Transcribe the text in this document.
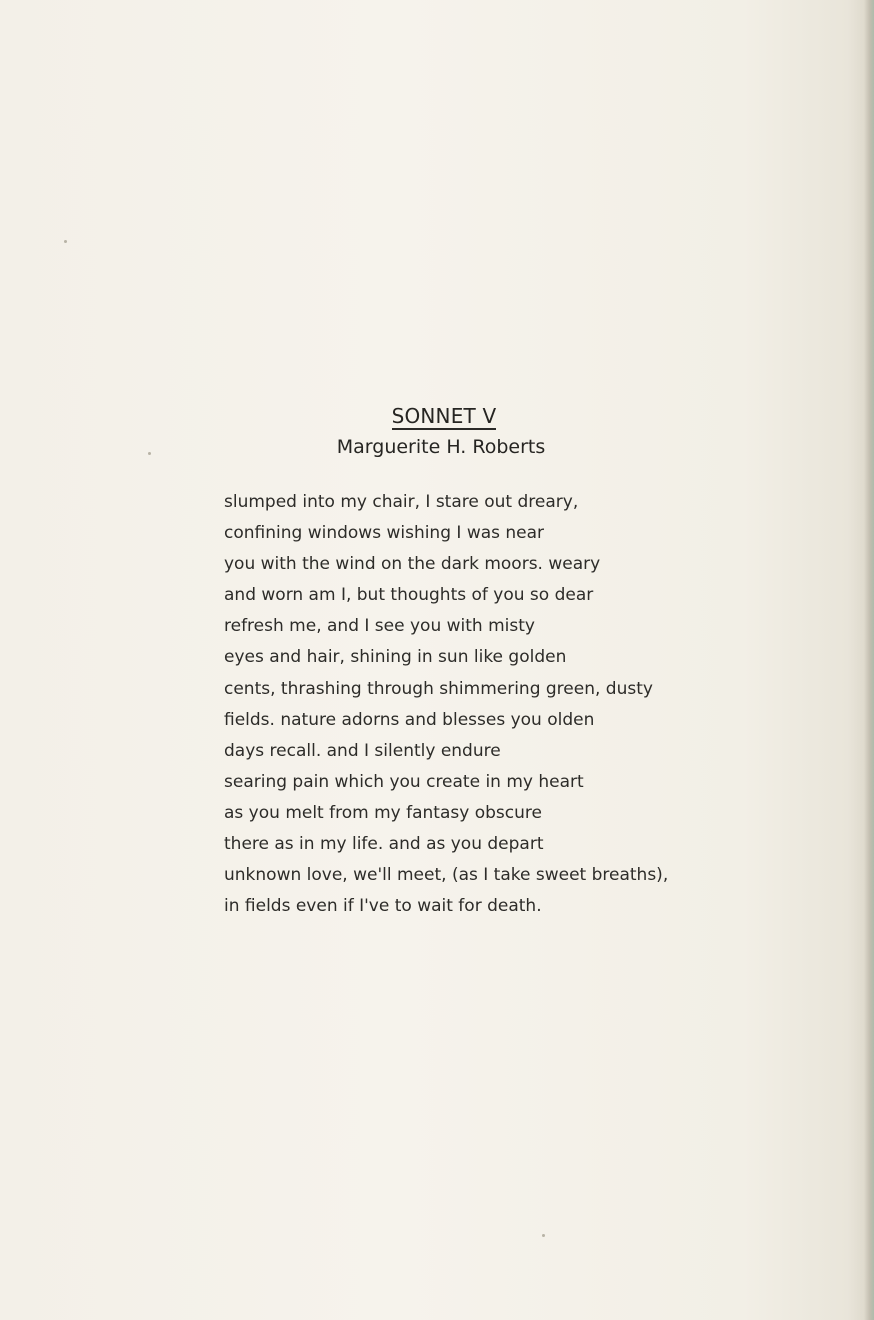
SONNET V
Marguerite H. Roberts
slumped into my chair, I stare out dreary,
confining windows wishing I was near
you with the wind on the dark moors. weary
and worn am I, but thoughts of you so dear
refresh me, and I see you with misty
eyes and hair, shining in sun like golden
cents, thrashing through shimmering green, dusty
fields. nature adorns and blesses you olden
days recall. and I silently endure
searing pain which you create in my heart
as you melt from my fantasy obscure
there as in my life. and as you depart
unknown love, we'll meet, (as I take sweet breaths),
in fields even if I've to wait for death.
